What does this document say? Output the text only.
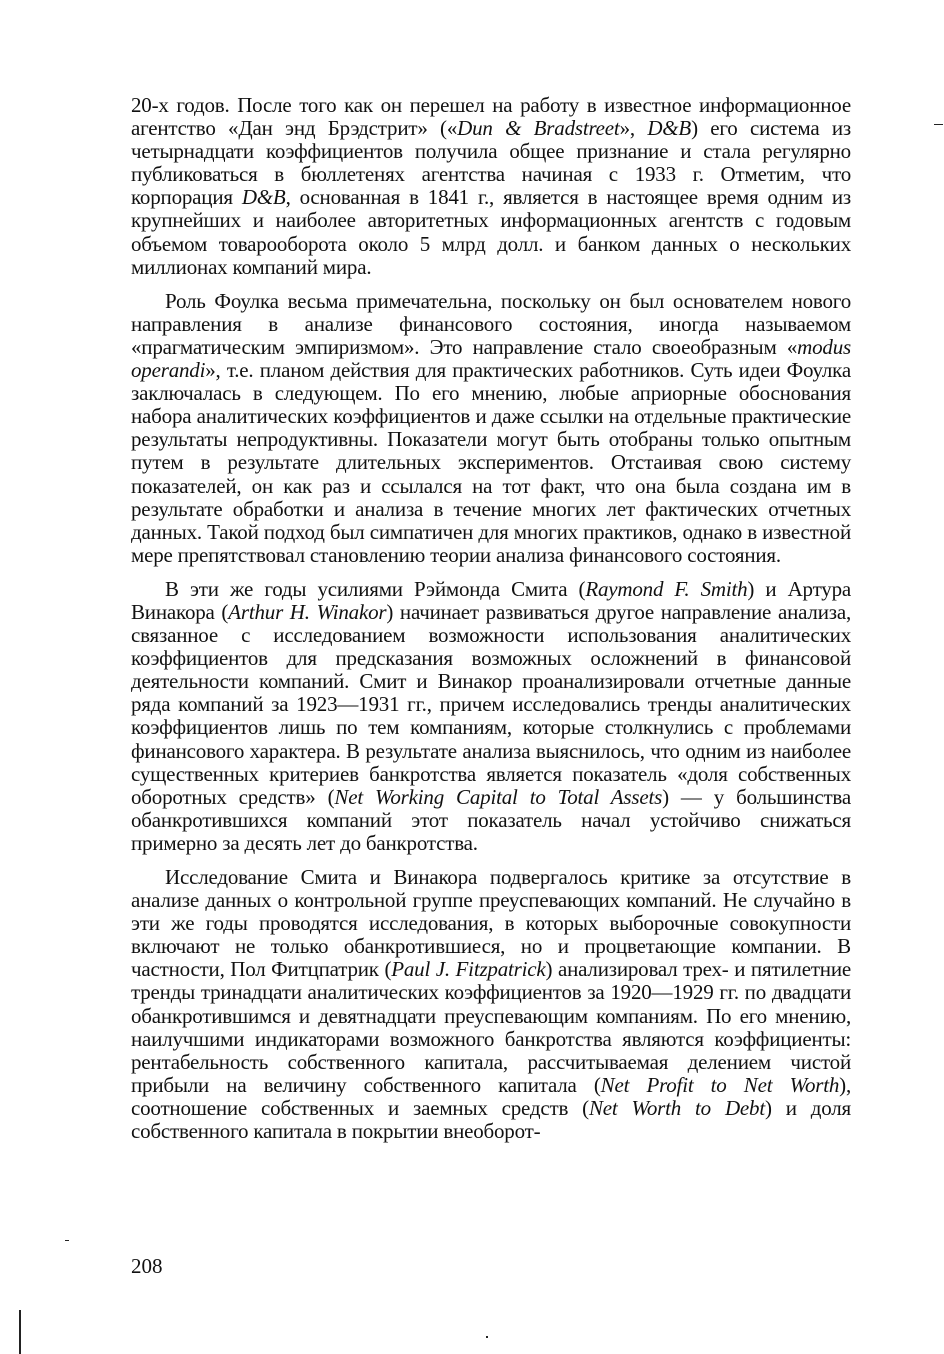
20-х годов. После того как он перешел на работу в известное информационное агентство «Дан энд Брэдстрит» («Dun & Bradstreet», D&B) его система из четырнадцати коэффициентов получила общее признание и стала регулярно публиковаться в бюллетенях агентства начиная с 1933 г. Отметим, что корпорация D&B, основанная в 1841 г., является в настоящее время одним из крупнейших и наиболее авторитетных информационных агентств с годовым объемом товарооборота около 5 млрд долл. и банком данных о нескольких миллионах компаний мира.

Роль Фоулка весьма примечательна, поскольку он был основателем нового направления в анализе финансового состояния, иногда называемом «прагматическим эмпиризмом». Это направление стало своеобразным «modus operandi», т.е. планом действия для практических работников. Суть идеи Фоулка заключалась в следующем. По его мнению, любые априорные обоснования набора аналитических коэффициентов и даже ссылки на отдельные практические результаты непродуктивны. Показатели могут быть отобраны только опытным путем в результате длительных экспериментов. Отстаивая свою систему показателей, он как раз и ссылался на тот факт, что она была создана им в результате обработки и анализа в течение многих лет фактических отчетных данных. Такой подход был симпатичен для многих практиков, однако в известной мере препятствовал становлению теории анализа финансового состояния.

В эти же годы усилиями Рэймонда Смита (Raymond F. Smith) и Артура Винакора (Arthur H. Winakor) начинает развиваться другое направление анализа, связанное с исследованием возможности использования аналитических коэффициентов для предсказания возможных осложнений в финансовой деятельности компаний. Смит и Винакор проанализировали отчетные данные ряда компаний за 1923—1931 гг., причем исследовались тренды аналитических коэффициентов лишь по тем компаниям, которые столкнулись с проблемами финансового характера. В результате анализа выяснилось, что одним из наиболее существенных критериев банкротства является показатель «доля собственных оборотных средств» (Net Working Capital to Total Assets) — у большинства обанкротившихся компаний этот показатель начал устойчиво снижаться примерно за десять лет до банкротства.

Исследование Смита и Винакора подвергалось критике за отсутствие в анализе данных о контрольной группе преуспевающих компаний. Не случайно в эти же годы проводятся исследования, в которых выборочные совокупности включают не только обанкротившиеся, но и процветающие компании. В частности, Пол Фитцпатрик (Paul J. Fitzpatrick) анализировал трех- и пятилетние тренды тринадцати аналитических коэффициентов за 1920—1929 гг. по двадцати обанкротившимся и девятнадцати преуспевающим компаниям. По его мнению, наилучшими индикаторами возможного банкротства являются коэффициенты: рентабельность собственного капитала, рассчитываемая делением чистой прибыли на величину собственного капитала (Net Profit to Net Worth), соотношение собственных и заемных средств (Net Worth to Debt) и доля собственного капитала в покрытии внеоборот-

208
